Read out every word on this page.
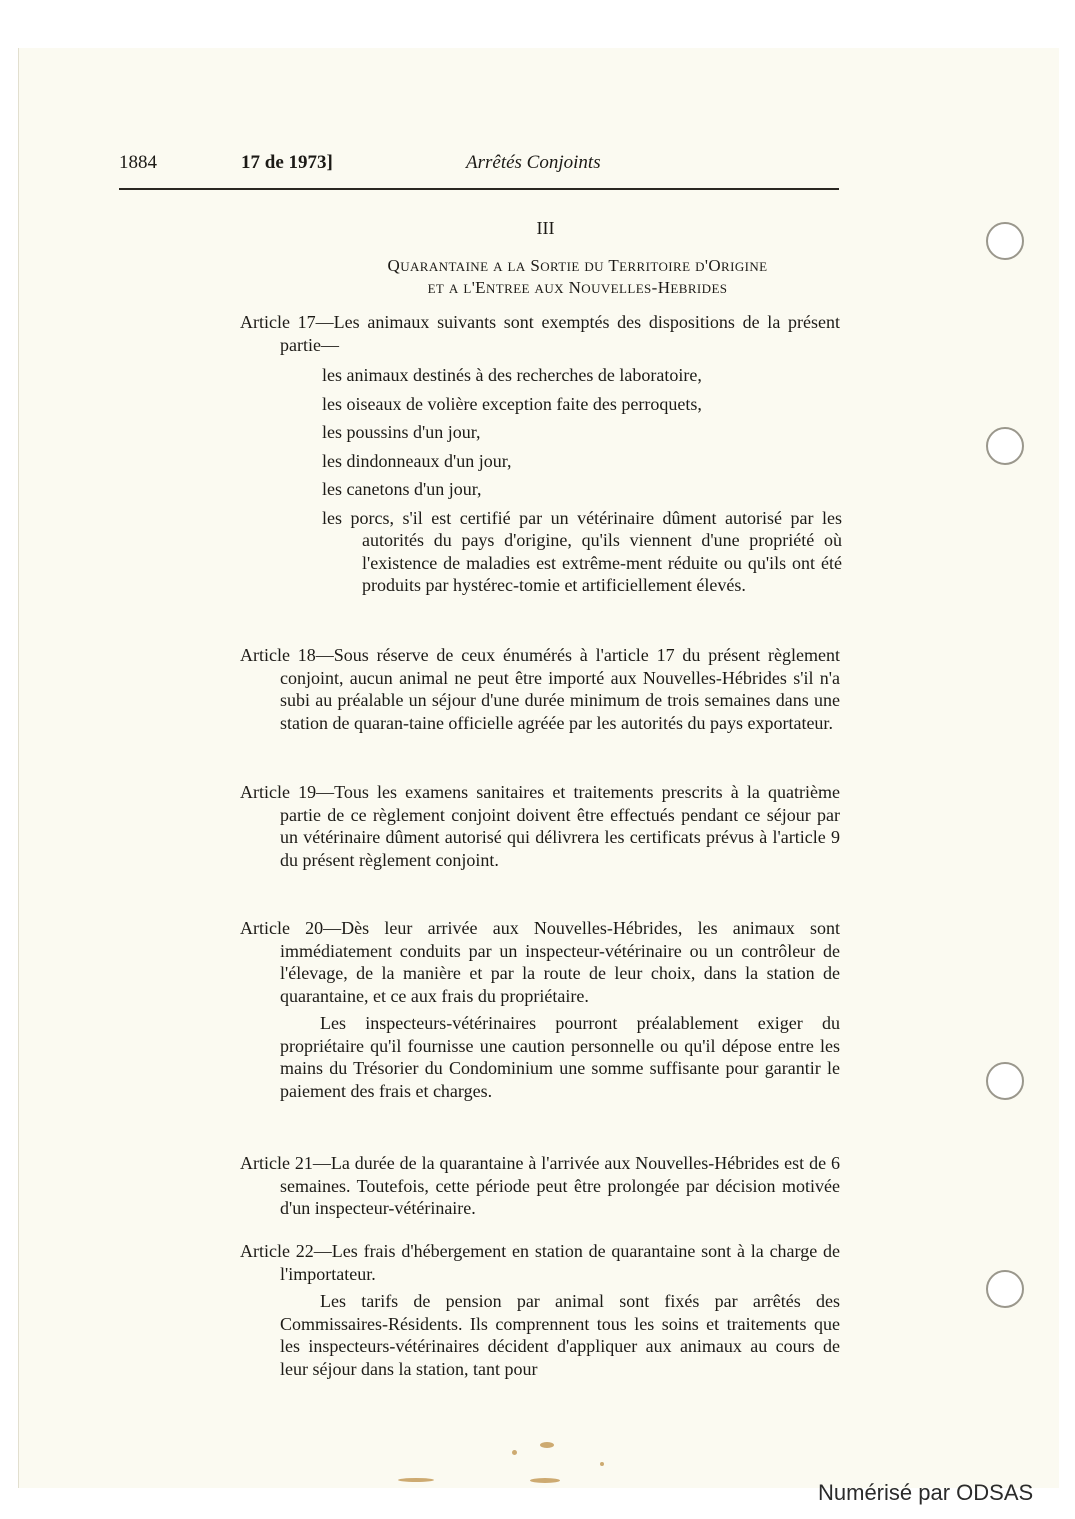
1884	17 de 1973]	Arrêtés Conjoints
III
QUARANTAINE A LA SORTIE DU TERRITOIRE D'ORIGINE
ET A L'ENTREE AUX NOUVELLES-HEBRIDES

Article 17—Les animaux suivants sont exemptés des dispositions de la présent partie—

les animaux destinés à des recherches de laboratoire,

les oiseaux de volière exception faite des perroquets,

les poussins d'un jour,

les dindonneaux d'un jour,

les canetons d'un jour,

les porcs, s'il est certifié par un vétérinaire dûment autorisé par les autorités du pays d'origine, qu'ils viennent d'une propriété où l'existence de maladies est extrême-ment réduite ou qu'ils ont été produits par hystérec-tomie et artificiellement élevés.

Article 18—Sous réserve de ceux énumérés à l'article 17 du présent règlement conjoint, aucun animal ne peut être importé aux Nouvelles-Hébrides s'il n'a subi au préalable un séjour d'une durée minimum de trois semaines dans une station de quaran-taine officielle agréée par les autorités du pays exportateur.

Article 19—Tous les examens sanitaires et traitements prescrits à la quatrième partie de ce règlement conjoint doivent être effectués pendant ce séjour par un vétérinaire dûment autorisé qui délivrera les certificats prévus à l'article 9 du présent règlement conjoint.

Article 20—Dès leur arrivée aux Nouvelles-Hébrides, les animaux sont immédiatement conduits par un inspecteur-vétérinaire ou un contrôleur de l'élevage, de la manière et par la route de leur choix, dans la station de quarantaine, et ce aux frais du propriétaire.

Les inspecteurs-vétérinaires pourront préalablement exiger du propriétaire qu'il fournisse une caution personnelle ou qu'il dépose entre les mains du Trésorier du Condominium une somme suffisante pour garantir le paiement des frais et charges.

Article 21—La durée de la quarantaine à l'arrivée aux Nouvelles-Hébrides est de 6 semaines. Toutefois, cette période peut être prolongée par décision motivée d'un inspecteur-vétérinaire.

Article 22—Les frais d'hébergement en station de quarantaine sont à la charge de l'importateur.

Les tarifs de pension par animal sont fixés par arrêtés des Commissaires-Résidents. Ils comprennent tous les soins et traitements que les inspecteurs-vétérinaires décident d'appliquer aux animaux au cours de leur séjour dans la station, tant pour

Numérisé par ODSAS
